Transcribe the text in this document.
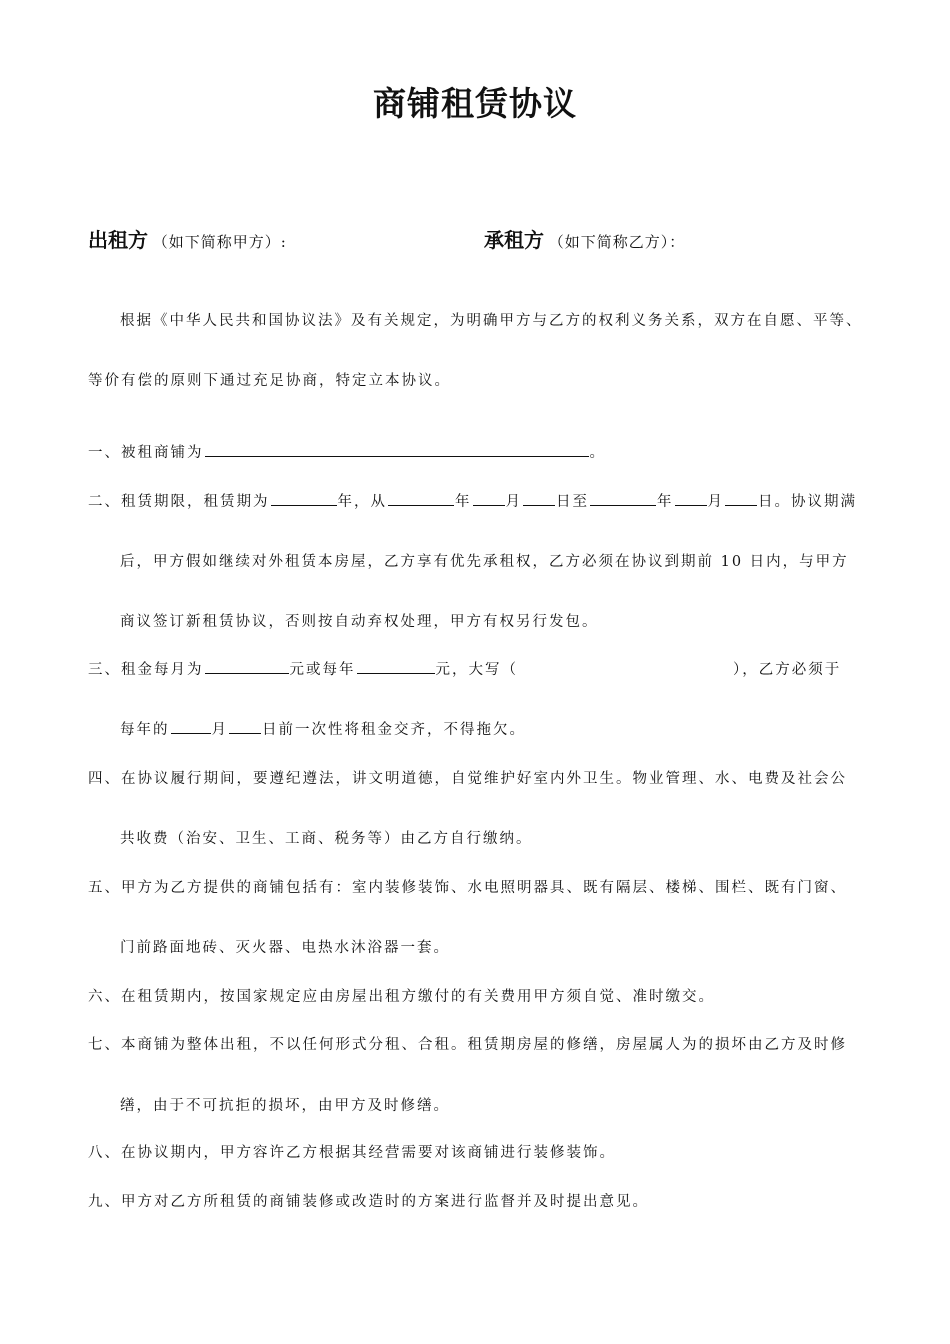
商铺租赁协议
出租方 （如下简称甲方）:	承租方 （如下简称乙方）：
根据《中华人民共和国协议法》及有关规定，为明确甲方与乙方的权利义务关系，双方在自愿、平等、
等价有偿的原则下通过充足协商，特定立本协议。
一、被租商铺为	。
二、租赁期限，租赁期为	年，从	年 月 日至	年 月 日。协议期满
后，甲方假如继续对外租赁本房屋，乙方享有优先承租权，乙方必须在协议到期前 10 日内，与甲方
商议签订新租赁协议，否则按自动弃权处理，甲方有权另行发包。
三、租金每月为	元或每年	元，大写（	），乙方必须于
每年的	月 日前一次性将租金交齐，不得拖欠。
四、在协议履行期间，要遵纪遵法，讲文明道德，自觉维护好室内外卫生。物业管理、水、电费及社会公
共收费（治安、卫生、工商、税务等）由乙方自行缴纳。
五、甲方为乙方提供的商铺包括有：室内装修装饰、水电照明器具、既有隔层、楼梯、围栏、既有门窗、
门前路面地砖、灭火器、电热水沐浴器一套。
六、在租赁期内，按国家规定应由房屋出租方缴付的有关费用甲方须自觉、准时缴交。
七、本商铺为整体出租，不以任何形式分租、合租。租赁期房屋的修缮，房屋属人为的损坏由乙方及时修
缮，由于不可抗拒的损坏，由甲方及时修缮。
八、在协议期内，甲方容许乙方根据其经营需要对该商铺进行装修装饰。
九、甲方对乙方所租赁的商铺装修或改造时的方案进行监督并及时提出意见。
